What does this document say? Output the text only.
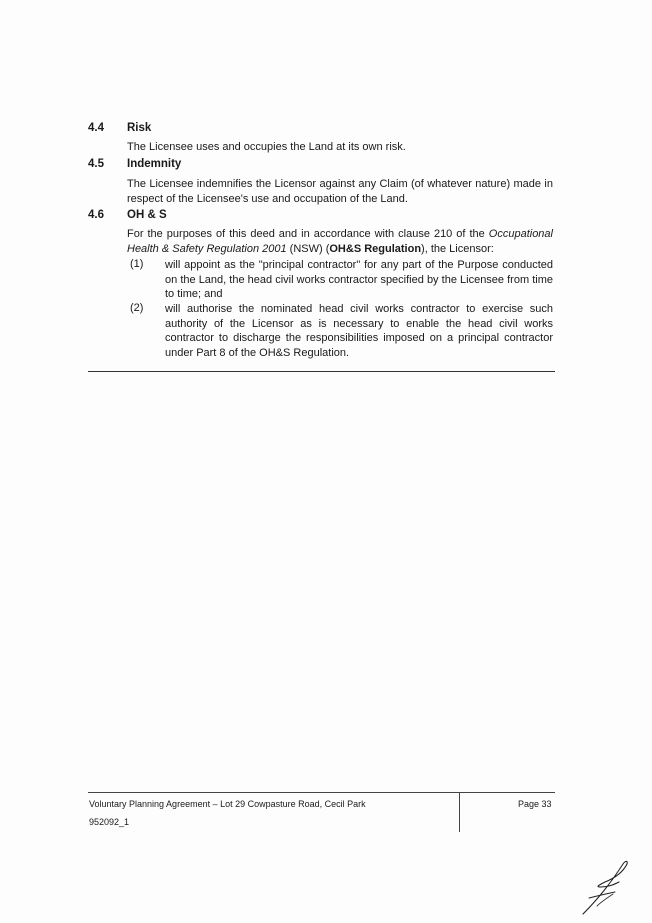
4.4 Risk
The Licensee uses and occupies the Land at its own risk.
4.5 Indemnity
The Licensee indemnifies the Licensor against any Claim (of whatever nature) made in respect of the Licensee's use and occupation of the Land.
4.6 OH & S
For the purposes of this deed and in accordance with clause 210 of the Occupational Health & Safety Regulation 2001 (NSW) (OH&S Regulation), the Licensor:
(1) will appoint as the "principal contractor" for any part of the Purpose conducted on the Land, the head civil works contractor specified by the Licensee from time to time; and
(2) will authorise the nominated head civil works contractor to exercise such authority of the Licensor as is necessary to enable the head civil works contractor to discharge the responsibilities imposed on a principal contractor under Part 8 of the OH&S Regulation.
Voluntary Planning Agreement – Lot 29 Cowpasture Road, Cecil Park
952092_1
Page 33
